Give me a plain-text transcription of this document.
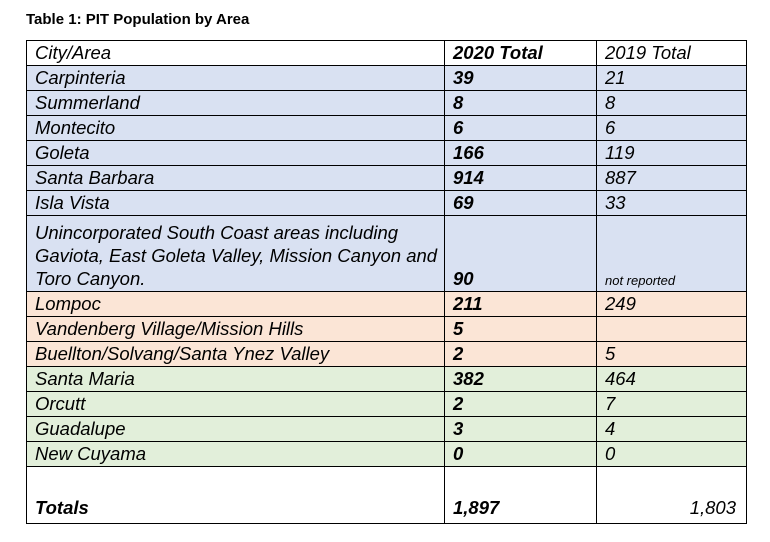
Table 1: PIT Population by Area
City/Area	2020 Total	2019 Total
Carpinteria	39	21
Summerland	8	8
Montecito	6	6
Goleta	166	119
Santa Barbara	914	887
Isla Vista	69	33
Unincorporated South Coast areas including Gaviota, East Goleta Valley, Mission Canyon and Toro Canyon.	90	not reported
Lompoc	211	249
Vandenberg Village/Mission Hills	5	
Buellton/Solvang/Santa Ynez Valley	2	5
Santa Maria	382	464
Orcutt	2	7
Guadalupe	3	4
New Cuyama	0	0
Totals	1,897	1,803
